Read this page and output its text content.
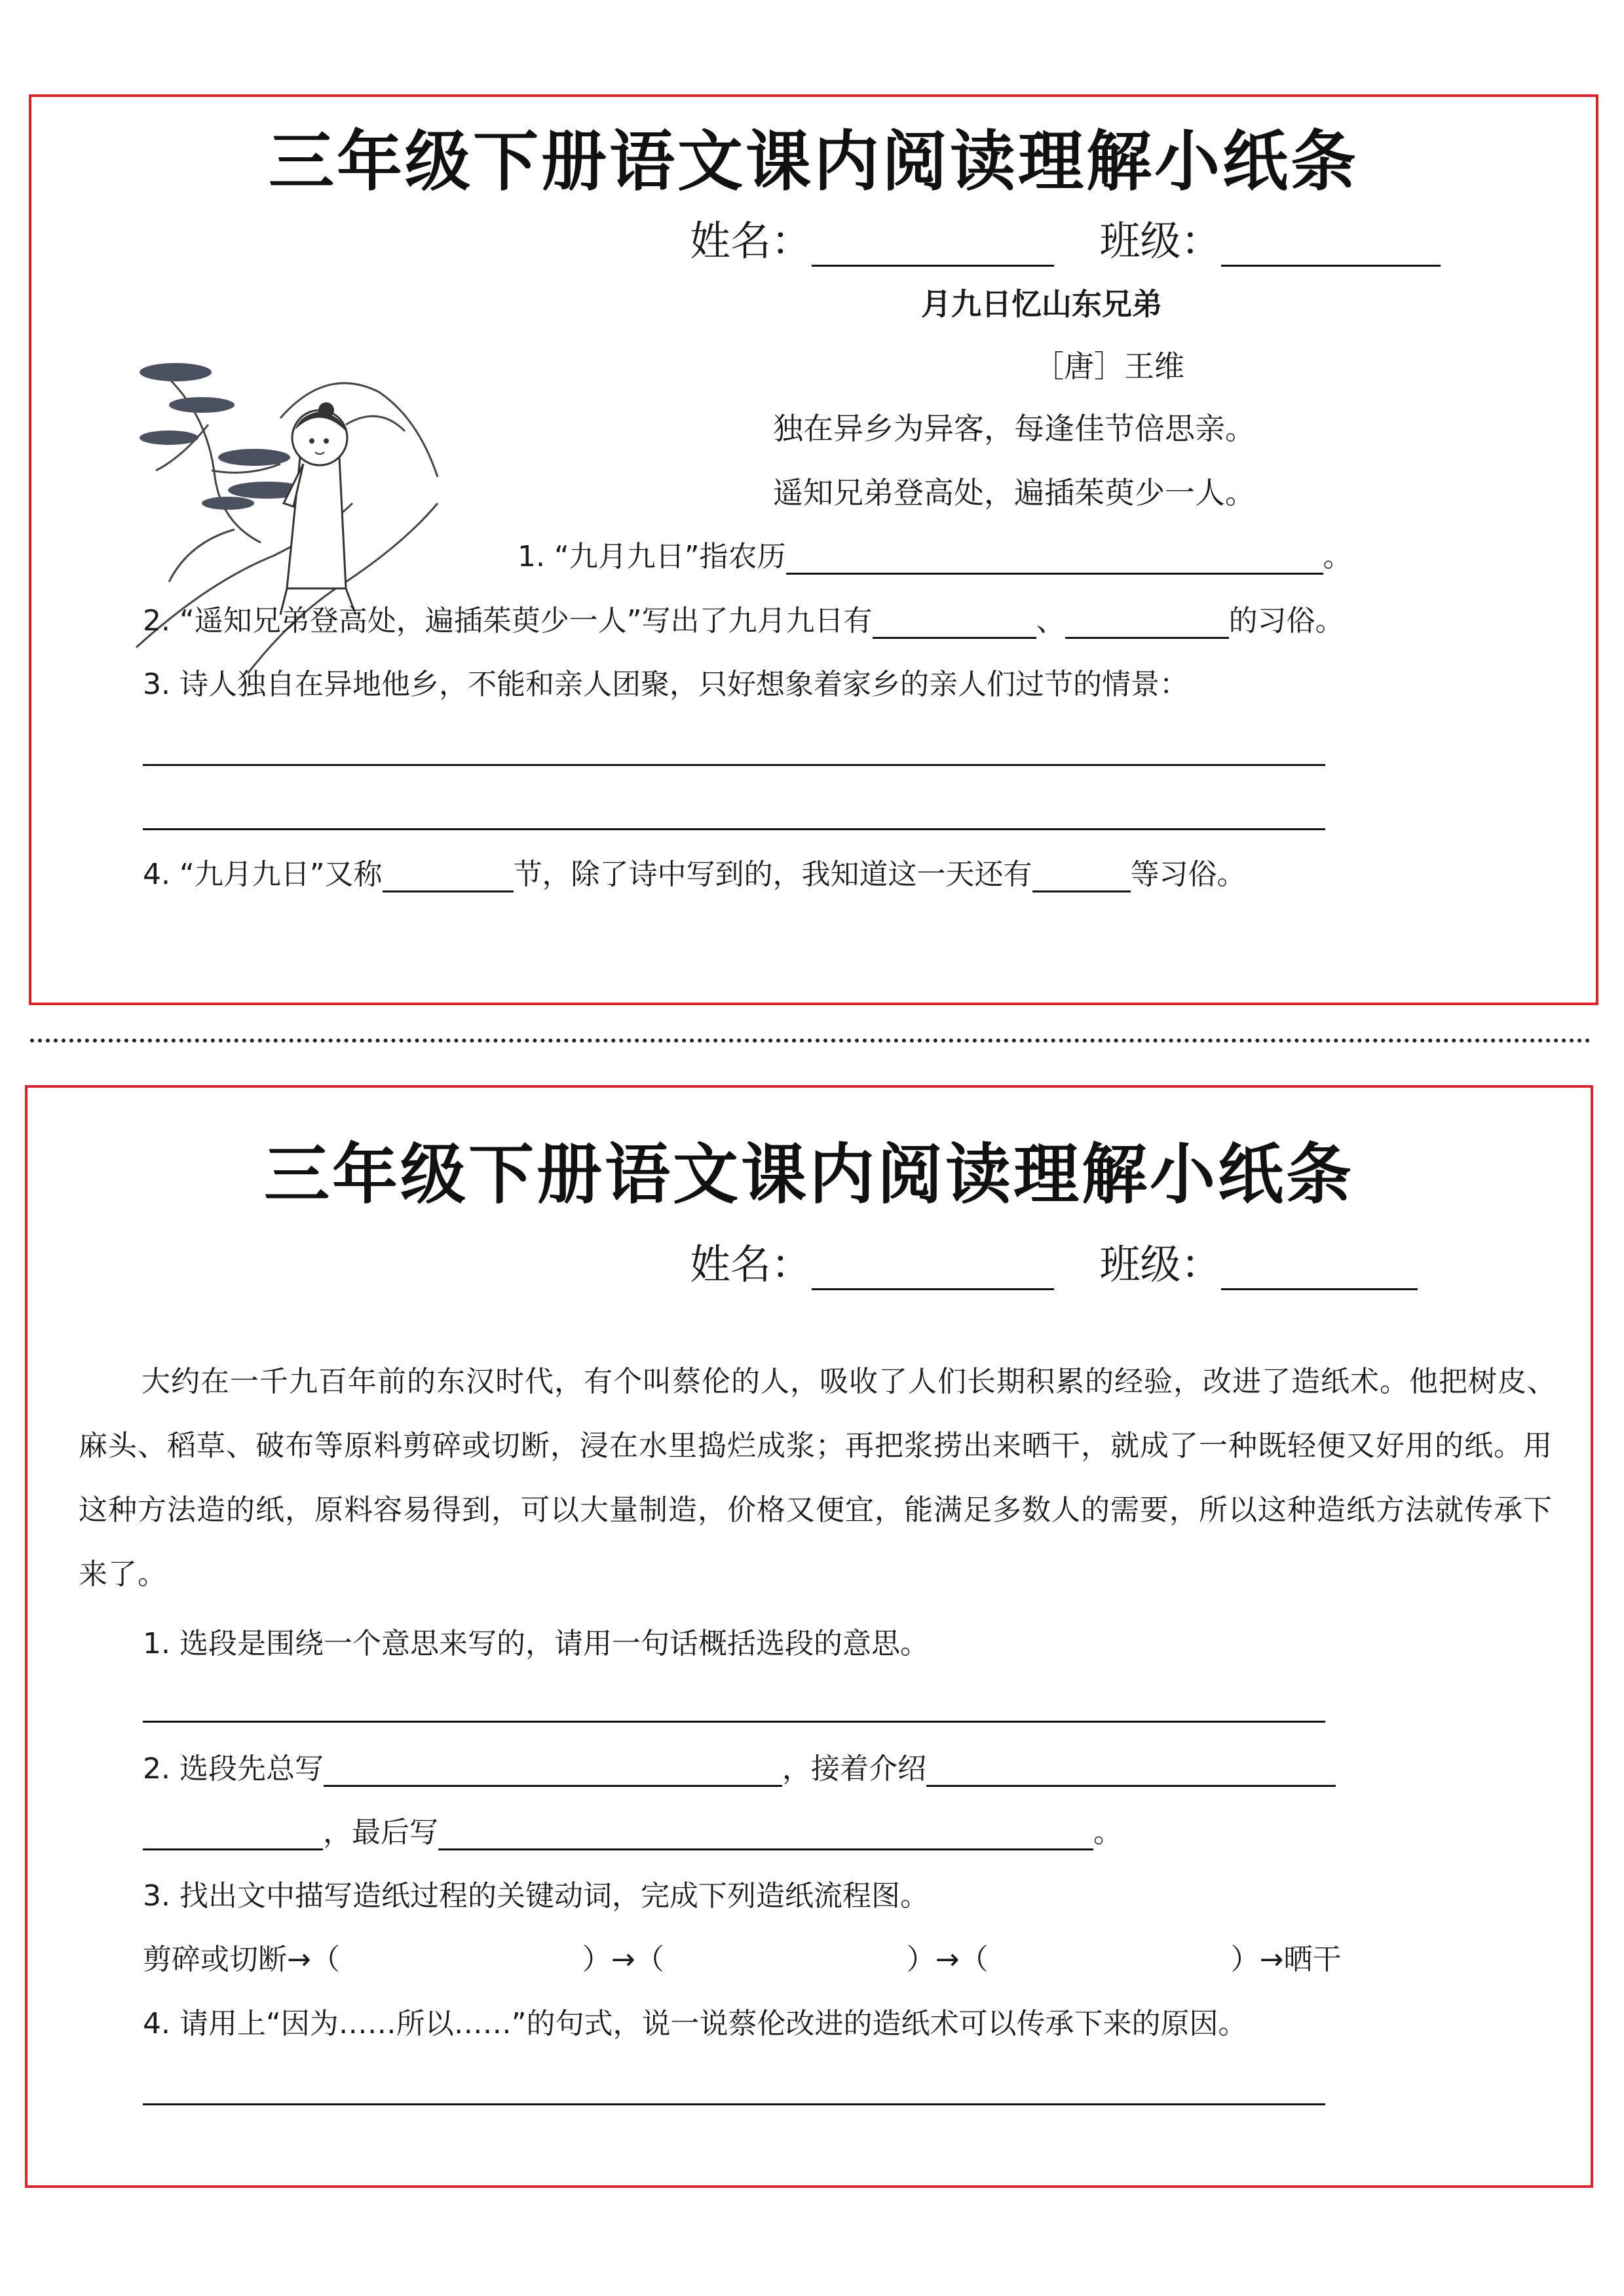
三年级下册语文课内阅读理解小纸条
姓名：	班级：
月九日忆山东兄弟
［唐］王维
独在异乡为异客，每逢佳节倍思亲。
遥知兄弟登高处，遍插茱萸少一人。
1. “九月九日”指农历	。
2. “遥知兄弟登高处，遍插茱萸少一人”写出了九月九日有	、	的习俗。
3. 诗人独自在异地他乡，不能和亲人团聚，只好想象着家乡的亲人们过节的情景：
4. “九月九日”又称	节，除了诗中写到的，我知道这一天还有	等习俗。
三年级下册语文课内阅读理解小纸条
姓名：	班级：
大约在一千九百年前的东汉时代，有个叫蔡伦的人，吸收了人们长期积累的经验，改进了造纸术。他把树皮、麻头、稻草、破布等原料剪碎或切断，浸在水里捣烂成浆；再把浆捞出来晒干，就成了一种既轻便又好用的纸。用这种方法造的纸，原料容易得到，可以大量制造，价格又便宜，能满足多数人的需要，所以这种造纸方法就传承下来了。
1. 选段是围绕一个意思来写的，请用一句话概括选段的意思。
2. 选段先总写	，接着介绍
，最后写	。
3. 找出文中描写造纸过程的关键动词，完成下列造纸流程图。
剪碎或切断→（	）→（	）→（	）→晒干
4. 请用上“因为……所以……”的句式，说一说蔡伦改进的造纸术可以传承下来的原因。
